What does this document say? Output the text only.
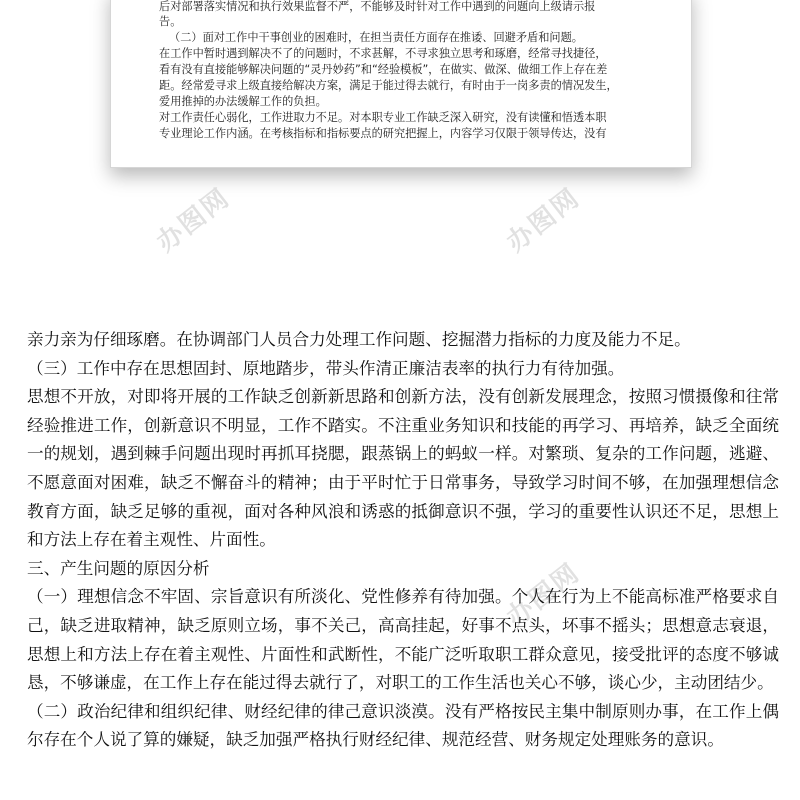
后对部署落实情况和执行效果监督不严，不能够及时针对工作中遇到的问题向上级请示报
告。
（二）面对工作中干事创业的困难时，在担当责任方面存在推诿、回避矛盾和问题。
在工作中暂时遇到解决不了的问题时，不求甚解，不寻求独立思考和琢磨，经常寻找捷径，
看有没有直接能够解决问题的“灵丹妙药”和“经验模板”，在做实、做深、做细工作上存在差
距。经常爱寻求上级直接给解决方案，满足于能过得去就行，有时由于一岗多责的情况发生，
爱用推掉的办法缓解工作的负担。
对工作责任心弱化，工作进取力不足。对本职专业工作缺乏深入研究，没有读懂和悟透本职
专业理论工作内涵。在考核指标和指标要点的研究把握上，内容学习仅限于领导传达，没有
办图网	办图网
办图网

亲力亲为仔细琢磨。在协调部门人员合力处理工作问题、挖掘潜力指标的力度及能力不足。

（三）工作中存在思想固封、原地踏步，带头作清正廉洁表率的执行力有待加强。

思想不开放，对即将开展的工作缺乏创新新思路和创新方法，没有创新发展理念，按照习惯摄像和往常经验推进工作，创新意识不明显，工作不踏实。不注重业务知识和技能的再学习、再培养，缺乏全面统一的规划，遇到棘手问题出现时再抓耳挠腮，跟蒸锅上的蚂蚁一样。对繁琐、复杂的工作问题，逃避、不愿意面对困难，缺乏不懈奋斗的精神；由于平时忙于日常事务，导致学习时间不够，在加强理想信念教育方面，缺乏足够的重视，面对各种风浪和诱惑的抵御意识不强，学习的重要性认识还不足，思想上和方法上存在着主观性、片面性。

三、产生问题的原因分析

（一）理想信念不牢固、宗旨意识有所淡化、党性修养有待加强。个人在行为上不能高标准严格要求自己，缺乏进取精神，缺乏原则立场，事不关己，高高挂起，好事不点头，坏事不摇头；思想意志衰退，思想上和方法上存在着主观性、片面性和武断性，不能广泛听取职工群众意见，接受批评的态度不够诚恳，不够谦虚，在工作上存在能过得去就行了，对职工的工作生活也关心不够，谈心少，主动团结少。

（二）政治纪律和组织纪律、财经纪律的律己意识淡漠。没有严格按民主集中制原则办事，在工作上偶尔存在个人说了算的嫌疑，缺乏加强严格执行财经纪律、规范经营、财务规定处理账务的意识。
